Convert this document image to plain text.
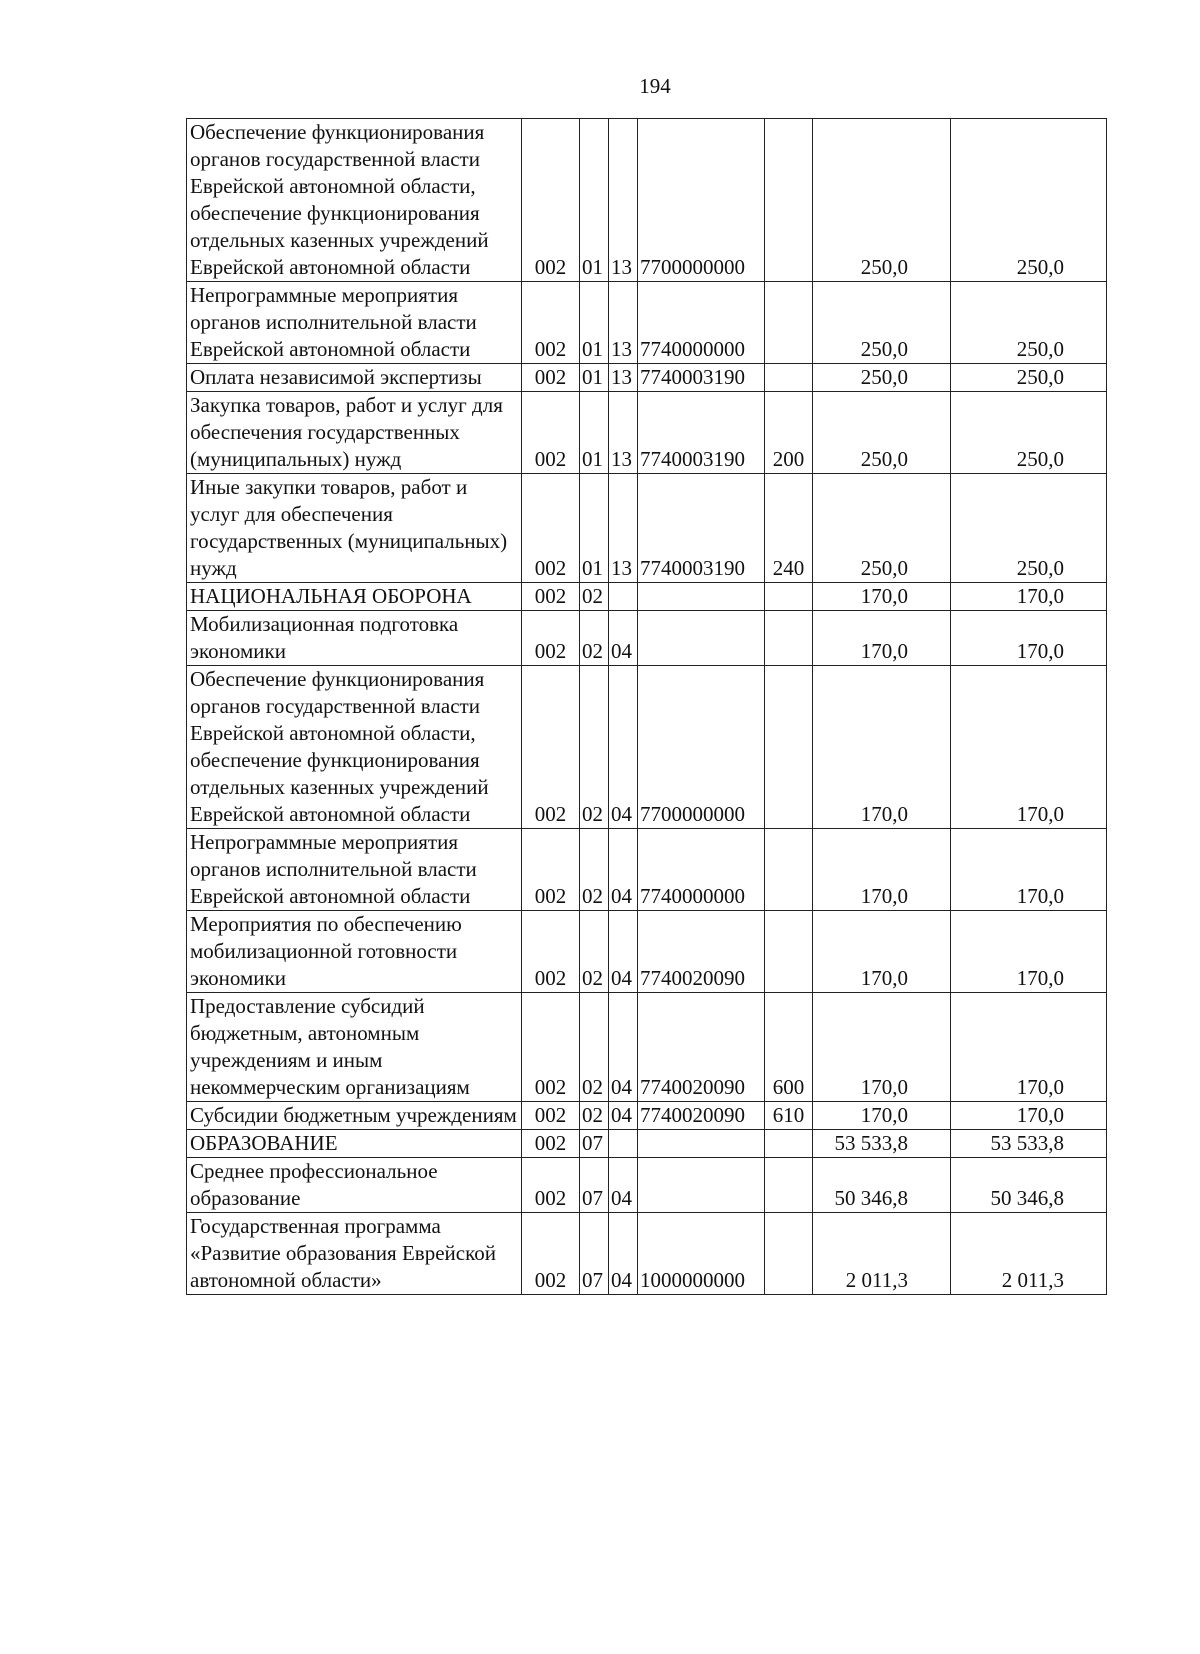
194
Обеспечение функционирования органов государственной власти Еврейской автономной области, обеспечение функционирования отдельных казенных учреждений Еврейской автономной области	002	01	13	7700000000		250,0	250,0
Непрограммные мероприятия органов исполнительной власти Еврейской автономной области	002	01	13	7740000000		250,0	250,0
Оплата независимой экспертизы	002	01	13	7740003190		250,0	250,0
Закупка товаров, работ и услуг для обеспечения государственных (муниципальных) нужд	002	01	13	7740003190	200	250,0	250,0
Иные закупки товаров, работ и услуг для обеспечения государственных (муниципальных) нужд	002	01	13	7740003190	240	250,0	250,0
НАЦИОНАЛЬНАЯ ОБОРОНА	002	02				170,0	170,0
Мобилизационная подготовка экономики	002	02	04			170,0	170,0
Обеспечение функционирования органов государственной власти Еврейской автономной области, обеспечение функционирования отдельных казенных учреждений Еврейской автономной области	002	02	04	7700000000		170,0	170,0
Непрограммные мероприятия органов исполнительной власти Еврейской автономной области	002	02	04	7740000000		170,0	170,0
Мероприятия по обеспечению мобилизационной готовности экономики	002	02	04	7740020090		170,0	170,0
Предоставление субсидий бюджетным, автономным учреждениям и иным некоммерческим организациям	002	02	04	7740020090	600	170,0	170,0
Субсидии бюджетным учреждениям	002	02	04	7740020090	610	170,0	170,0
ОБРАЗОВАНИЕ	002	07				53 533,8	53 533,8
Среднее профессиональное образование	002	07	04			50 346,8	50 346,8
Государственная программа «Развитие образования Еврейской автономной области»	002	07	04	1000000000		2 011,3	2 011,3
